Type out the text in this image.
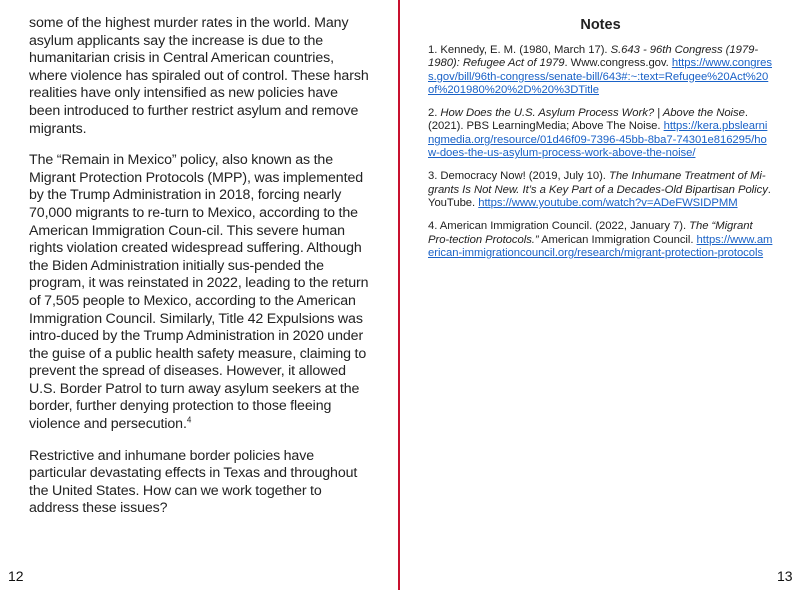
some of the highest murder rates in the world. Many asylum applicants say the increase is due to the humanitarian crisis in Central American countries, where violence has spiraled out of control. These harsh realities have only intensified as new policies have been introduced to further restrict asylum and remove migrants.

The “Remain in Mexico” policy, also known as the Migrant Protection Protocols (MPP), was implemented by the Trump Administration in 2018, forcing nearly 70,000 migrants to re-turn to Mexico, according to the American Immigration Coun-cil. This severe human rights violation created widespread suffering. Although the Biden Administration initially sus-pended the program, it was reinstated in 2022, leading to the return of 7,505 people to Mexico, according to the American Immigration Council. Similarly, Title 42 Expulsions was intro-duced by the Trump Administration in 2020 under the guise of a public health safety measure, claiming to prevent the spread of diseases. However, it allowed U.S. Border Patrol to turn away asylum seekers at the border, further denying protection to those fleeing violence and persecution.$^4$

Restrictive and inhumane border policies have particular devastating effects in Texas and throughout the United States. How can we work together to address these issues?

12
Notes
1. Kennedy, E. M. (1980, March 17). S.643 - 96th Congress (1979-1980): Refugee Act of 1979. Www.congress.gov. https://www.congress.gov/bill/96th-congress/senate-bill/643#:~:text=Refugee%20Act%20of%201980%20%2D%20%3DTitle
2. How Does the U.S. Asylum Process Work? | Above the Noise. (2021). PBS LearningMedia; Above The Noise. https://kera.pbslearningmedia.org/resource/01d46f09-7396-45bb-8ba7-74301e816295/how-does-the-us-asylum-process-work-above-the-noise/
3. Democracy Now! (2019, July 10). The Inhumane Treatment of Mi-grants Is Not New. It’s a Key Part of a Decades-Old Bipartisan Policy. YouTube. https://www.youtube.com/watch?v=ADeFWSIDPMM
4. American Immigration Council. (2022, January 7). The “Migrant Pro-tection Protocols.” American Immigration Council. https://www.american-immigrationcouncil.org/research/migrant-protection-protocols
13
